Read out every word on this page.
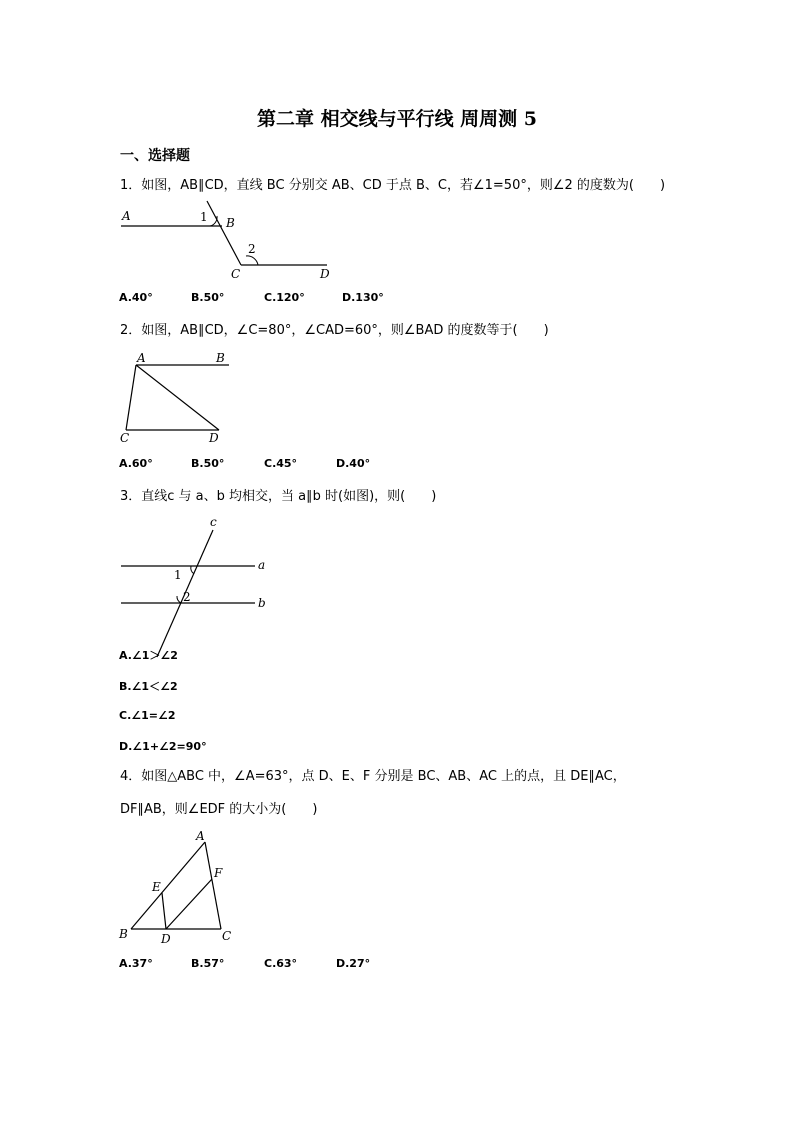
第二章 相交线与平行线 周周测 5
一、选择题
1．如图，AB∥CD，直线 BC 分别交 AB、CD 于点 B、C，若∠1=50°，则∠2 的度数为(　　)
A	B
C	D
1
2
A.40°	B.50°	C.120°	D.130°
2．如图，AB∥CD，∠C=80°，∠CAD=60°，则∠BAD 的度数等于(　　)
A	B
C	D
A.60°	B.50°	C.45°	D.40°
3．直线c 与 a、b 均相交，当 a∥b 时(如图)，则(　　)
c
a
b
1
2
A.∠1＞∠2
B.∠1＜∠2
C.∠1=∠2
D.∠1+∠2=90°
4．如图△ABC 中，∠A=63°，点 D、E、F 分别是 BC、AB、AC 上的点，且 DE∥AC，
DF∥AB，则∠EDF 的大小为(　　)
A
B	C
D
E
F
A.37°	B.57°	C.63°	D.27°
